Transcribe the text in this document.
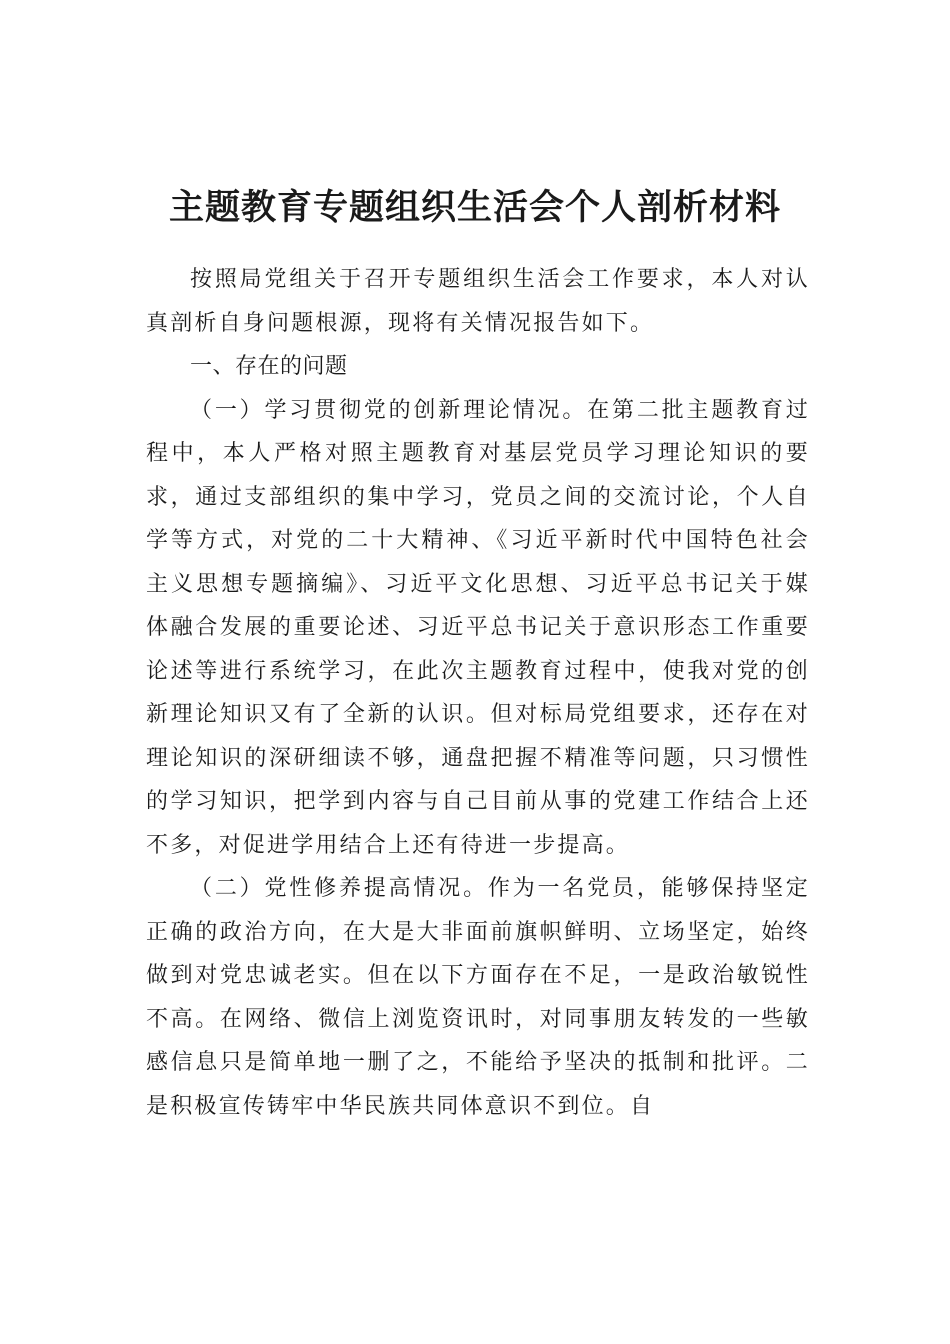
主题教育专题组织生活会个人剖析材料

按照局党组关于召开专题组织生活会工作要求，本人对认真剖析自身问题根源，现将有关情况报告如下。

一、存在的问题

（一）学习贯彻党的创新理论情况。在第二批主题教育过程中，本人严格对照主题教育对基层党员学习理论知识的要求，通过支部组织的集中学习，党员之间的交流讨论，个人自学等方式，对党的二十大精神、《习近平新时代中国特色社会主义思想专题摘编》、习近平文化思想、习近平总书记关于媒体融合发展的重要论述、习近平总书记关于意识形态工作重要论述等进行系统学习，在此次主题教育过程中，使我对党的创新理论知识又有了全新的认识。但对标局党组要求，还存在对理论知识的深研细读不够，通盘把握不精准等问题，只习惯性的学习知识，把学到内容与自己目前从事的党建工作结合上还不多，对促进学用结合上还有待进一步提高。

（二）党性修养提高情况。作为一名党员，能够保持坚定正确的政治方向，在大是大非面前旗帜鲜明、立场坚定，始终做到对党忠诚老实。但在以下方面存在不足，一是政治敏锐性不高。在网络、微信上浏览资讯时，对同事朋友转发的一些敏感信息只是简单地一删了之，不能给予坚决的抵制和批评。二是积极宣传铸牢中华民族共同体意识不到位。自
